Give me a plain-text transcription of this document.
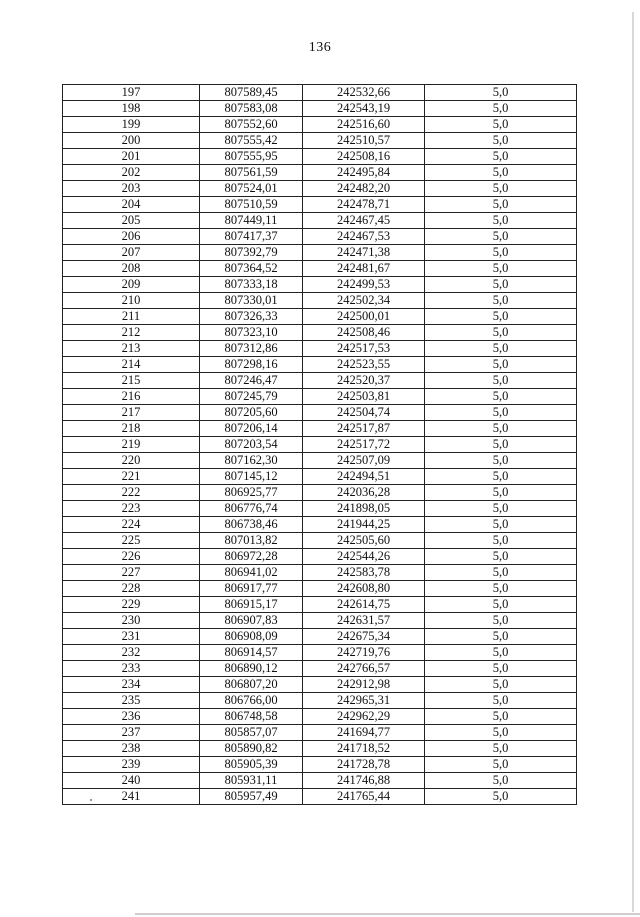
136
197	807589,45	242532,66	5,0
198	807583,08	242543,19	5,0
199	807552,60	242516,60	5,0
200	807555,42	242510,57	5,0
201	807555,95	242508,16	5,0
202	807561,59	242495,84	5,0
203	807524,01	242482,20	5,0
204	807510,59	242478,71	5,0
205	807449,11	242467,45	5,0
206	807417,37	242467,53	5,0
207	807392,79	242471,38	5,0
208	807364,52	242481,67	5,0
209	807333,18	242499,53	5,0
210	807330,01	242502,34	5,0
211	807326,33	242500,01	5,0
212	807323,10	242508,46	5,0
213	807312,86	242517,53	5,0
214	807298,16	242523,55	5,0
215	807246,47	242520,37	5,0
216	807245,79	242503,81	5,0
217	807205,60	242504,74	5,0
218	807206,14	242517,87	5,0
219	807203,54	242517,72	5,0
220	807162,30	242507,09	5,0
221	807145,12	242494,51	5,0
222	806925,77	242036,28	5,0
223	806776,74	241898,05	5,0
224	806738,46	241944,25	5,0
225	807013,82	242505,60	5,0
226	806972,28	242544,26	5,0
227	806941,02	242583,78	5,0
228	806917,77	242608,80	5,0
229	806915,17	242614,75	5,0
230	806907,83	242631,57	5,0
231	806908,09	242675,34	5,0
232	806914,57	242719,76	5,0
233	806890,12	242766,57	5,0
234	806807,20	242912,98	5,0
235	806766,00	242965,31	5,0
236	806748,58	242962,29	5,0
237	805857,07	241694,77	5,0
238	805890,82	241718,52	5,0
239	805905,39	241728,78	5,0
240	805931,11	241746,88	5,0
241	805957,49	241765,44	5,0
